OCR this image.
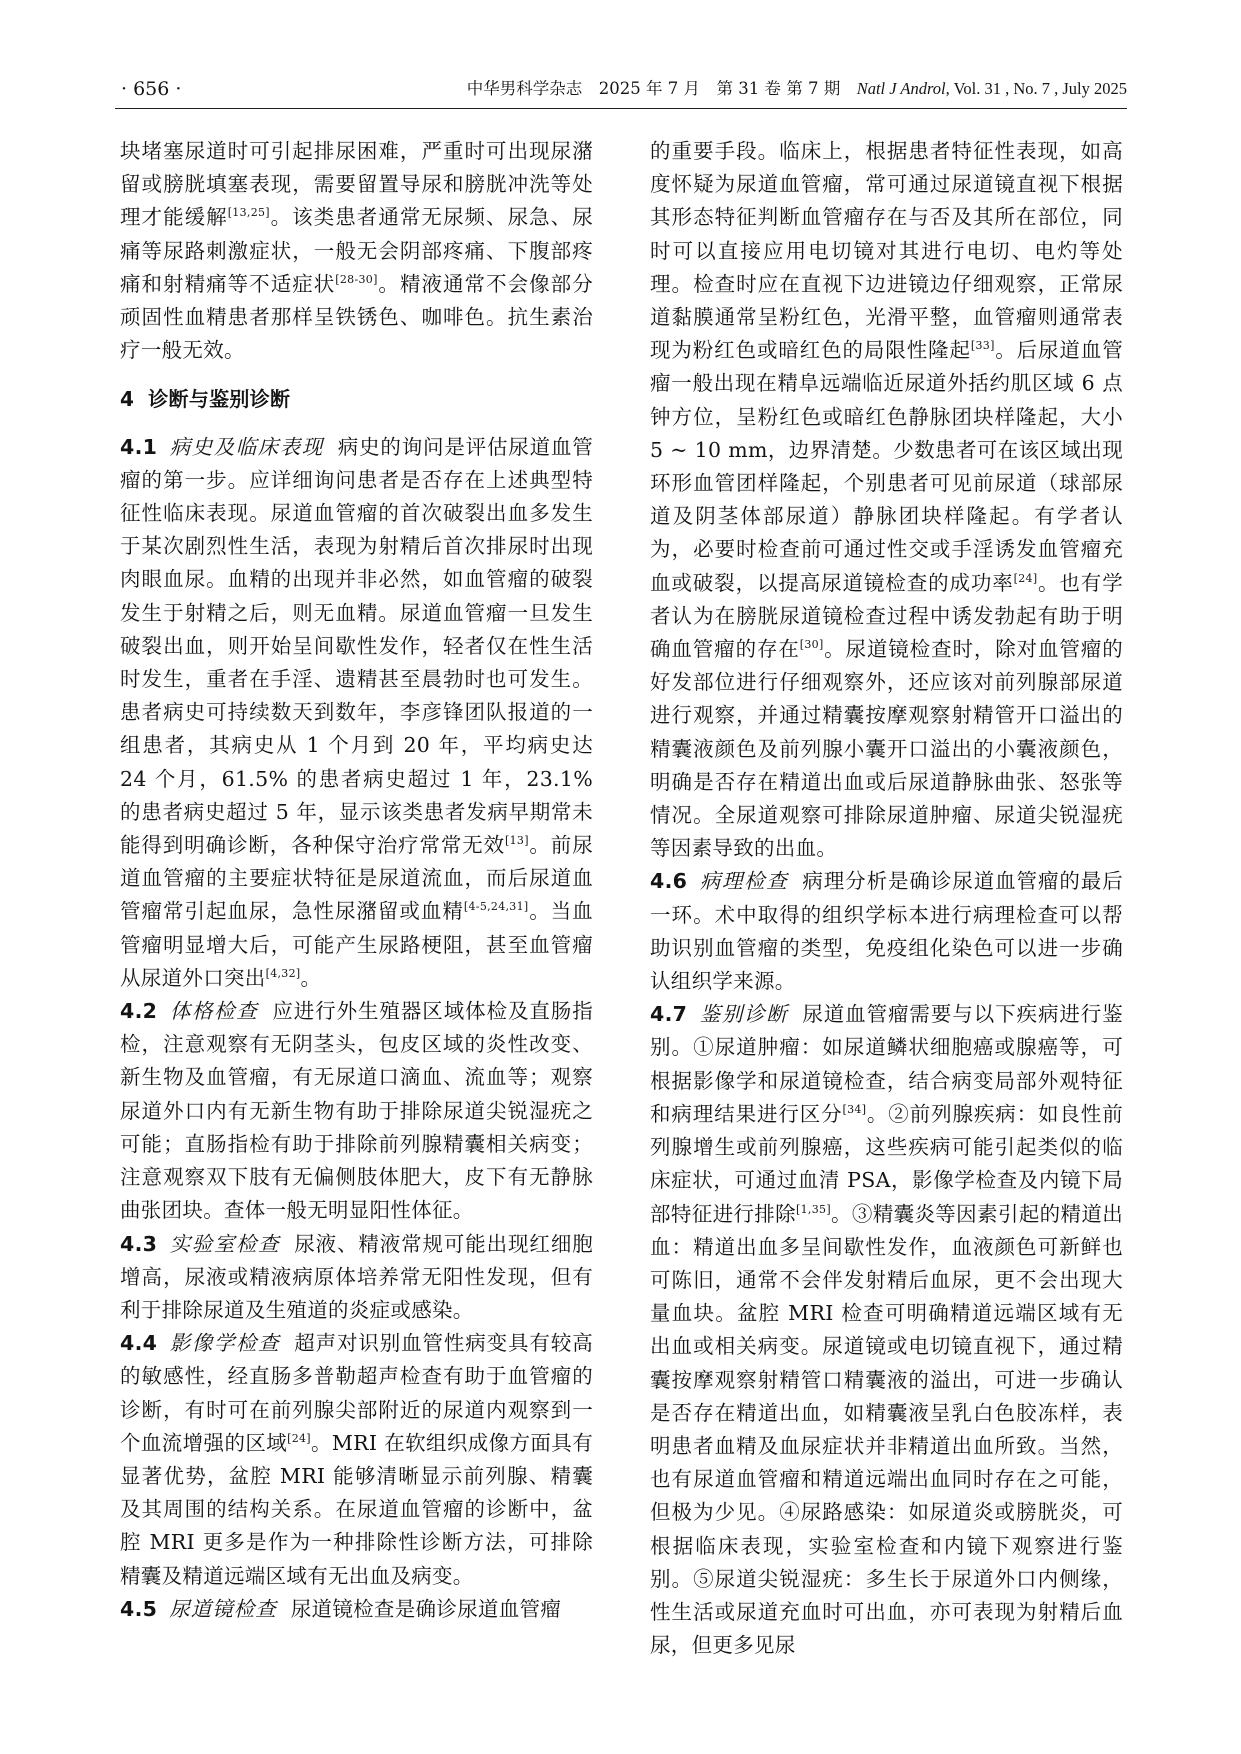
· 656 ·	中华男科学杂志　2025 年 7 月　第 31 卷 第 7 期　 Natl J Androl, Vol. 31 , No. 7 , July 2025

块堵塞尿道时可引起排尿困难，严重时可出现尿潴留或膀胱填塞表现，需要留置导尿和膀胱冲洗等处理才能缓解[13,25]。该类患者通常无尿频、尿急、尿痛等尿路刺激症状，一般无会阴部疼痛、下腹部疼痛和射精痛等不适症状[28-30]。精液通常不会像部分顽固性血精患者那样呈铁锈色、咖啡色。抗生素治疗一般无效。

4 诊断与鉴别诊断

4.1 病史及临床表现 病史的询问是评估尿道血管瘤的第一步。应详细询问患者是否存在上述典型特征性临床表现。尿道血管瘤的首次破裂出血多发生于某次剧烈性生活，表现为射精后首次排尿时出现肉眼血尿。血精的出现并非必然，如血管瘤的破裂发生于射精之后，则无血精。尿道血管瘤一旦发生破裂出血，则开始呈间歇性发作，轻者仅在性生活时发生，重者在手淫、遗精甚至晨勃时也可发生。患者病史可持续数天到数年，李彦锋团队报道的一组患者，其病史从 1 个月到 20 年，平均病史达 24 个月，61.5% 的患者病史超过 1 年，23.1% 的患者病史超过 5 年，显示该类患者发病早期常未能得到明确诊断，各种保守治疗常常无效[13]。前尿道血管瘤的主要症状特征是尿道流血，而后尿道血管瘤常引起血尿，急性尿潴留或血精[4-5,24,31]。当血管瘤明显增大后，可能产生尿路梗阻，甚至血管瘤从尿道外口突出[4,32]。

4.2 体格检查 应进行外生殖器区域体检及直肠指检，注意观察有无阴茎头，包皮区域的炎性改变、新生物及血管瘤，有无尿道口滴血、流血等；观察尿道外口内有无新生物有助于排除尿道尖锐湿疣之可能；直肠指检有助于排除前列腺精囊相关病变；注意观察双下肢有无偏侧肢体肥大，皮下有无静脉曲张团块。查体一般无明显阳性体征。

4.3 实验室检查 尿液、精液常规可能出现红细胞增高，尿液或精液病原体培养常无阳性发现，但有利于排除尿道及生殖道的炎症或感染。

4.4 影像学检查 超声对识别血管性病变具有较高的敏感性，经直肠多普勒超声检查有助于血管瘤的诊断，有时可在前列腺尖部附近的尿道内观察到一个血流增强的区域[24]。MRI 在软组织成像方面具有显著优势，盆腔 MRI 能够清晰显示前列腺、精囊及其周围的结构关系。在尿道血管瘤的诊断中，盆腔 MRI 更多是作为一种排除性诊断方法，可排除精囊及精道远端区域有无出血及病变。

4.5 尿道镜检查 尿道镜检查是确诊尿道血管瘤

的重要手段。临床上，根据患者特征性表现，如高度怀疑为尿道血管瘤，常可通过尿道镜直视下根据其形态特征判断血管瘤存在与否及其所在部位，同时可以直接应用电切镜对其进行电切、电灼等处理。检查时应在直视下边进镜边仔细观察，正常尿道黏膜通常呈粉红色，光滑平整，血管瘤则通常表现为粉红色或暗红色的局限性隆起[33]。后尿道血管瘤一般出现在精阜远端临近尿道外括约肌区域 6 点钟方位，呈粉红色或暗红色静脉团块样隆起，大小 5 ~ 10 mm，边界清楚。少数患者可在该区域出现环形血管团样隆起，个别患者可见前尿道（球部尿道及阴茎体部尿道）静脉团块样隆起。有学者认为，必要时检查前可通过性交或手淫诱发血管瘤充血或破裂，以提高尿道镜检查的成功率[24]。也有学者认为在膀胱尿道镜检查过程中诱发勃起有助于明确血管瘤的存在[30]。尿道镜检查时，除对血管瘤的好发部位进行仔细观察外，还应该对前列腺部尿道进行观察，并通过精囊按摩观察射精管开口溢出的精囊液颜色及前列腺小囊开口溢出的小囊液颜色，明确是否存在精道出血或后尿道静脉曲张、怒张等情况。全尿道观察可排除尿道肿瘤、尿道尖锐湿疣等因素导致的出血。

4.6 病理检查 病理分析是确诊尿道血管瘤的最后一环。术中取得的组织学标本进行病理检查可以帮助识别血管瘤的类型，免疫组化染色可以进一步确认组织学来源。

4.7 鉴别诊断 尿道血管瘤需要与以下疾病进行鉴别。①尿道肿瘤：如尿道鳞状细胞癌或腺癌等，可根据影像学和尿道镜检查，结合病变局部外观特征和病理结果进行区分[34]。②前列腺疾病：如良性前列腺增生或前列腺癌，这些疾病可能引起类似的临床症状，可通过血清 PSA，影像学检查及内镜下局部特征进行排除[1,35]。③精囊炎等因素引起的精道出血：精道出血多呈间歇性发作，血液颜色可新鲜也可陈旧，通常不会伴发射精后血尿，更不会出现大量血块。盆腔 MRI 检查可明确精道远端区域有无出血或相关病变。尿道镜或电切镜直视下，通过精囊按摩观察射精管口精囊液的溢出，可进一步确认是否存在精道出血，如精囊液呈乳白色胶冻样，表明患者血精及血尿症状并非精道出血所致。当然，也有尿道血管瘤和精道远端出血同时存在之可能，但极为少见。④尿路感染：如尿道炎或膀胱炎，可根据临床表现，实验室检查和内镜下观察进行鉴别。⑤尿道尖锐湿疣：多生长于尿道外口内侧缘，性生活或尿道充血时可出血，亦可表现为射精后血尿，但更多见尿
